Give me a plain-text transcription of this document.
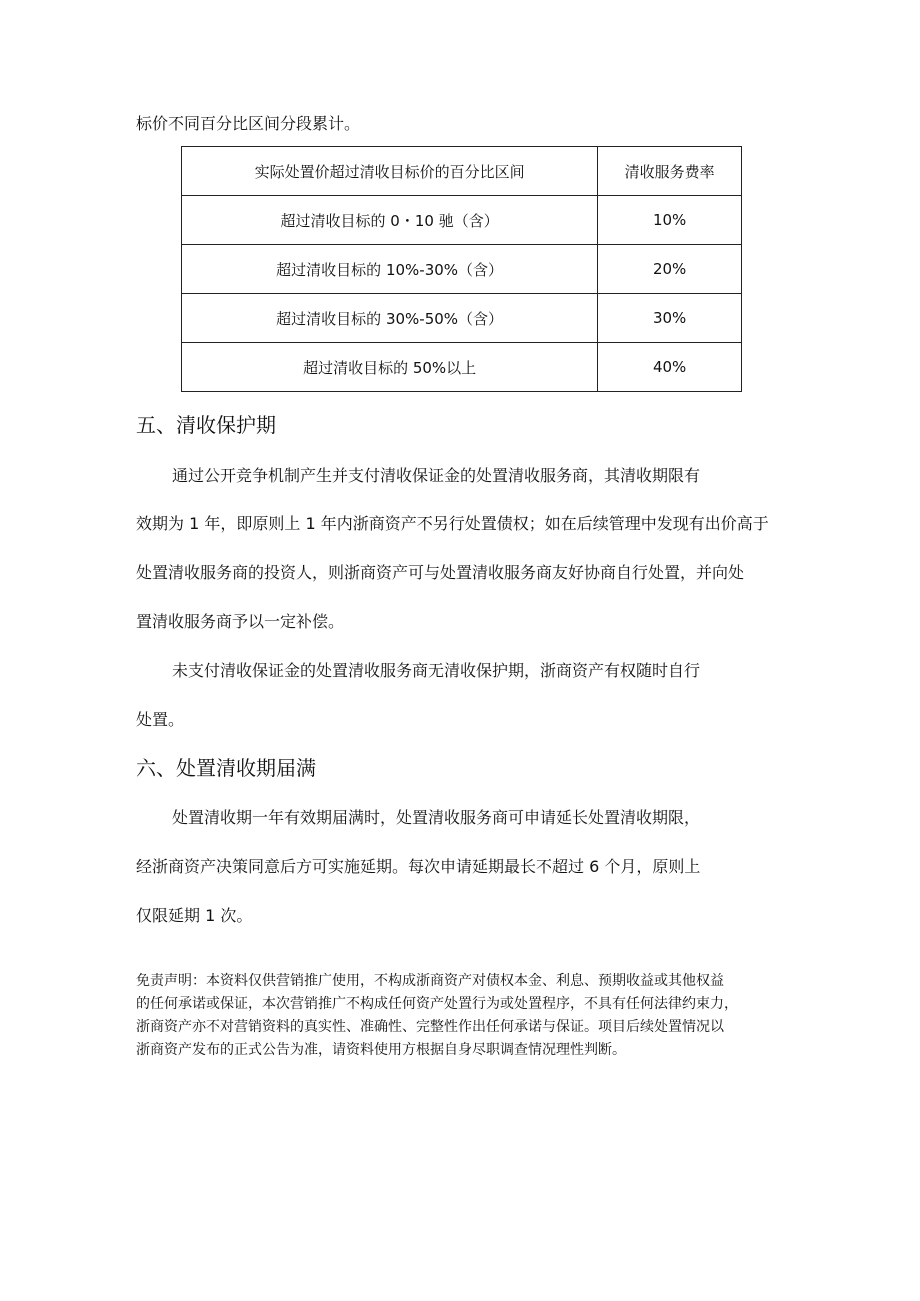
标价不同百分比区间分段累计。
实际处置价超过清收目标价的百分比区间	清收服务费率
超过清收目标的 0・10 驰（含）	10%
超过清收目标的 10%-30%（含）	20%
超过清收目标的 30%-50%（含）	30%
超过清收目标的 50%以上	40%
五、清收保护期
通过公开竞争机制产生并支付清收保证金的处置清收服务商，其清收期限有
效期为 1 年，即原则上 1 年内浙商资产不另行处置债权；如在后续管理中发现有出价高于
处置清收服务商的投资人，则浙商资产可与处置清收服务商友好协商自行处置，并向处
置清收服务商予以一定补偿。
未支付清收保证金的处置清收服务商无清收保护期，浙商资产有权随时自行
处置。
六、处置清收期届满
处置清收期一年有效期届满时，处置清收服务商可申请延长处置清收期限，
经浙商资产决策同意后方可实施延期。每次申请延期最长不超过 6 个月，原则上
仅限延期 1 次。
免责声明：本资料仅供营销推广使用，不构成浙商资产对债权本金、利息、预期收益或其他权益
的任何承诺或保证，本次营销推广不构成任何资产处置行为或处置程序，不具有任何法律约束力，
浙商资产亦不对营销资料的真实性、准确性、完整性作出任何承诺与保证。项目后续处置情况以
浙商资产发布的正式公告为准，请资料使用方根据自身尽职调查情况理性判断。
